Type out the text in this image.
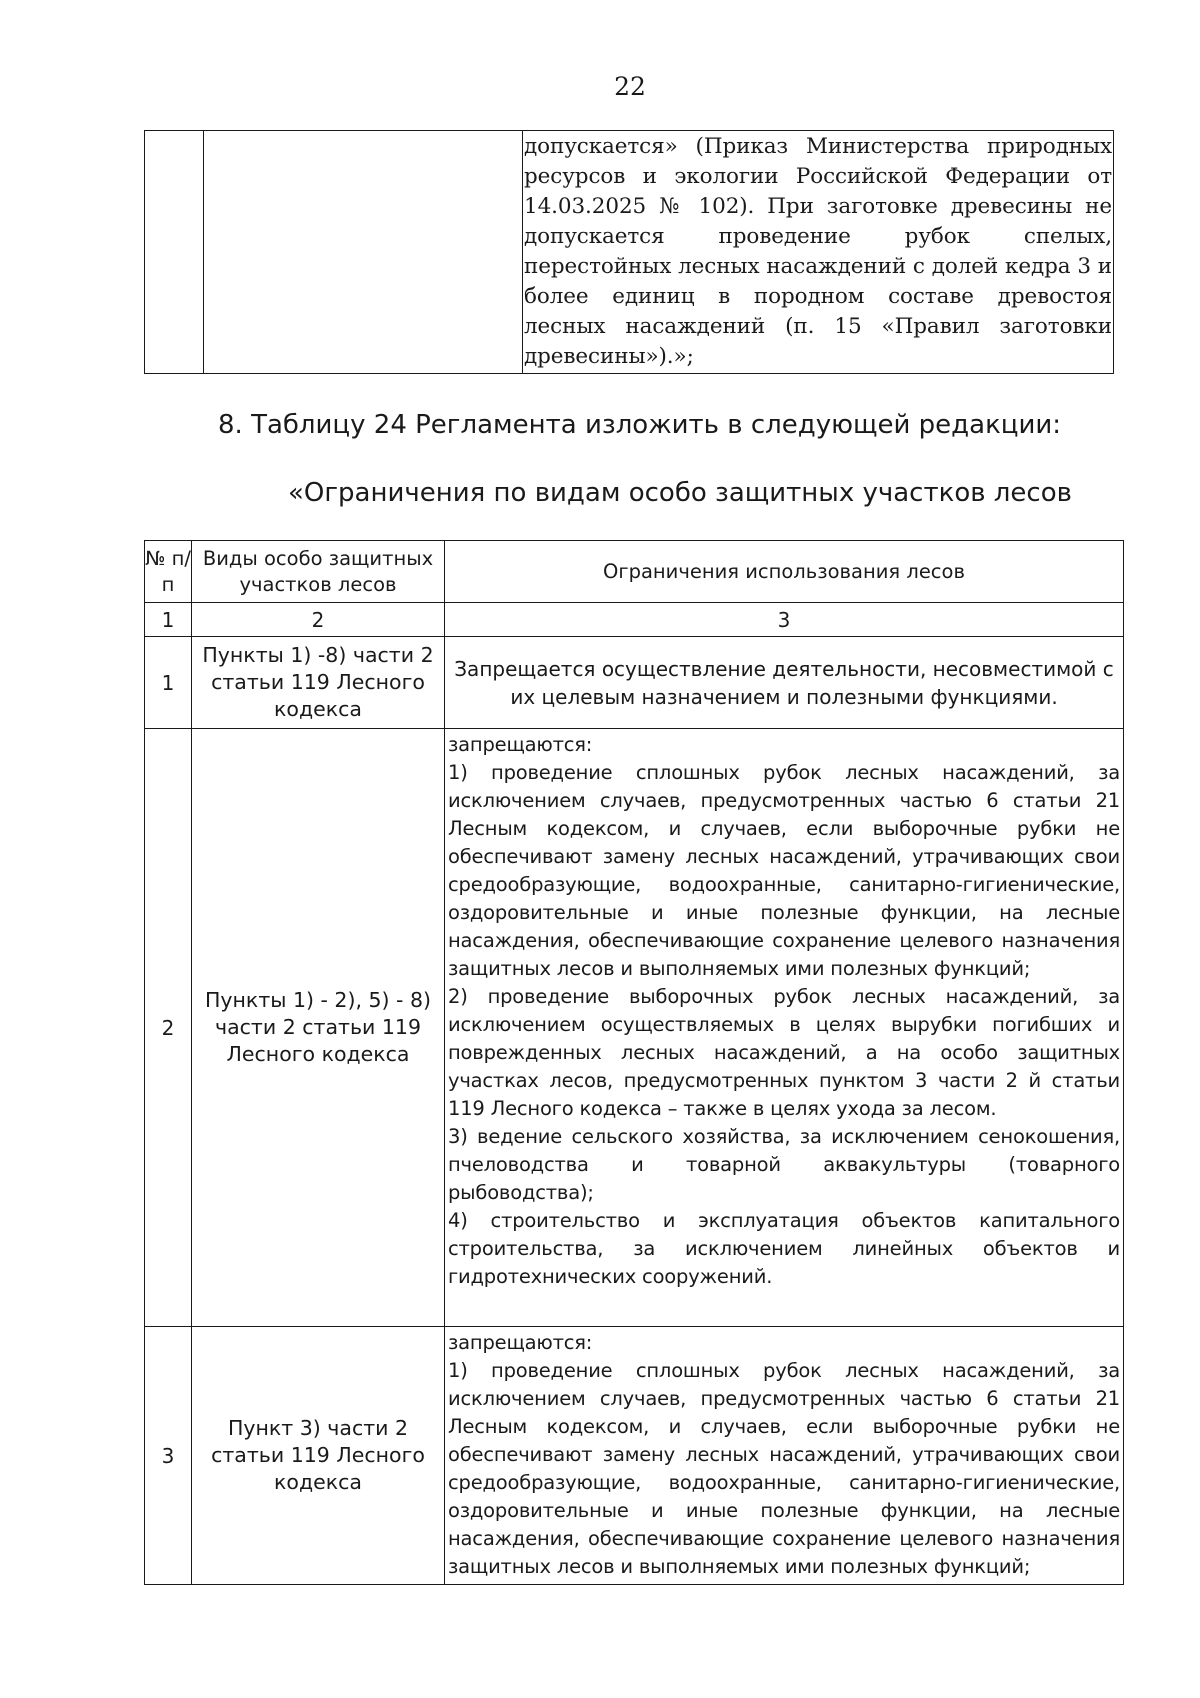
22

допускается» (Приказ Министерства природных ресурсов и экологии Российской Федерации от 14.03.2025 № 102). При заготовке древесины не допускается проведение рубок спелых, перестойных лесных насаждений с долей кедра 3 и более единиц в породном составе древостоя лесных насаждений (п. 15 «Правил заготовки древесины»).»;
8. Таблицу 24 Регламента изложить в следующей редакции:
«Ограничения по видам особо защитных участков лесов
№ п/п	Виды особо защитных участков лесов	Ограничения использования лесов
1	2	3
1	Пункты 1) -8) части 2 статьи 119 Лесного кодекса	Запрещается осуществление деятельности, несовместимой с их целевым назначением и полезными функциями.

2	Пункты 1) - 2), 5) - 8) части 2 статьи 119 Лесного кодекса	запрещаются:
1) проведение сплошных рубок лесных насаждений, за исключением случаев, предусмотренных частью 6 статьи 21 Лесным кодексом, и случаев, если выборочные рубки не обеспечивают замену лесных насаждений, утрачивающих свои средообразующие, водоохранные, санитарно-гигиенические, оздоровительные и иные полезные функции, на лесные насаждения, обеспечивающие сохранение целевого назначения защитных лесов и выполняемых ими полезных функций;
2) проведение выборочных рубок лесных насаждений, за исключением осуществляемых в целях вырубки погибших и поврежденных лесных насаждений, а на особо защитных участках лесов, предусмотренных пунктом 3 части 2 й статьи 119 Лесного кодекса – также в целях ухода за лесом.
3) ведение сельского хозяйства, за исключением сенокошения, пчеловодства и товарной аквакультуры (товарного рыбоводства);
4) строительство и эксплуатация объектов капитального строительства, за исключением линейных объектов и гидротехнических сооружений.

3	Пункт 3) части 2 статьи 119 Лесного кодекса	запрещаются:
1) проведение сплошных рубок лесных насаждений, за исключением случаев, предусмотренных частью 6 статьи 21 Лесным кодексом, и случаев, если выборочные рубки не обеспечивают замену лесных насаждений, утрачивающих свои средообразующие, водоохранные, санитарно-гигиенические, оздоровительные и иные полезные функции, на лесные насаждения, обеспечивающие сохранение целевого назначения защитных лесов и выполняемых ими полезных функций;
